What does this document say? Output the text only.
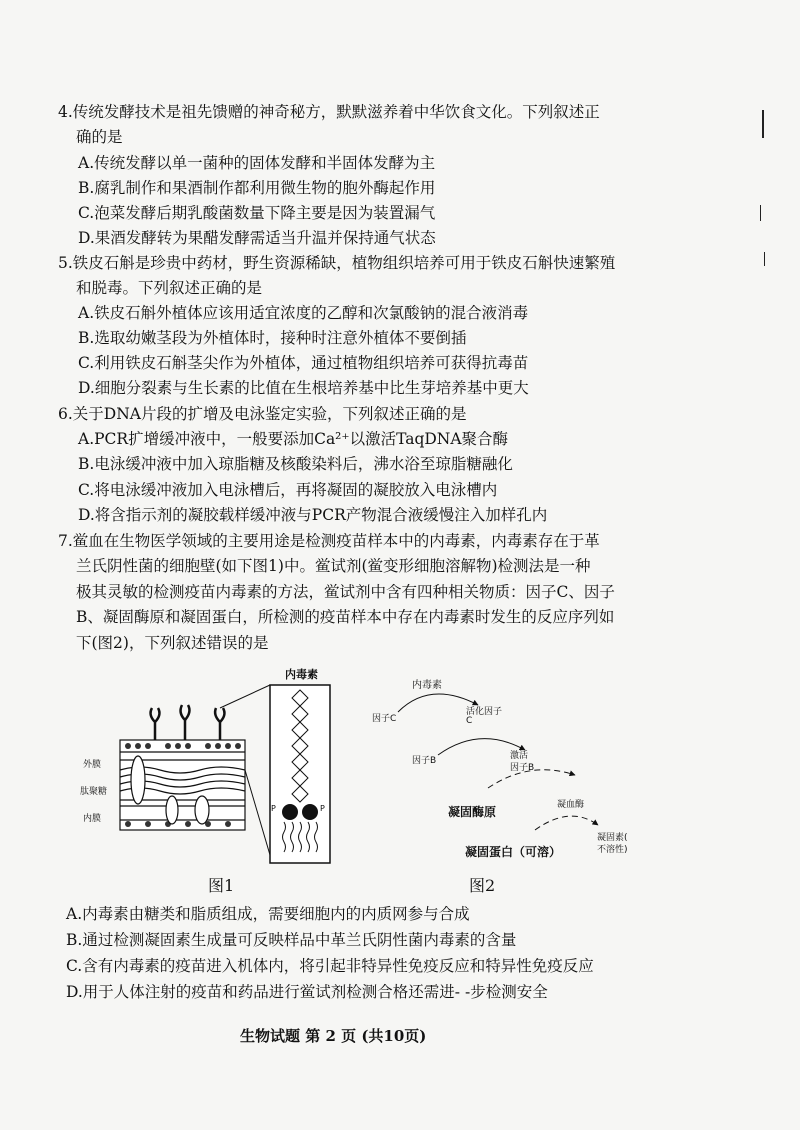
4.传统发酵技术是祖先馈赠的神奇秘方，默默滋养着中华饮食文化。下列叙述正
确的是
A.传统发酵以单一菌种的固体发酵和半固体发酵为主
B.腐乳制作和果酒制作都利用微生物的胞外酶起作用
C.泡菜发酵后期乳酸菌数量下降主要是因为装置漏气
D.果酒发酵转为果醋发酵需适当升温并保持通气状态
5.铁皮石斛是珍贵中药材，野生资源稀缺，植物组织培养可用于铁皮石斛快速繁殖
和脱毒。下列叙述正确的是
A.铁皮石斛外植体应该用适宜浓度的乙醇和次氯酸钠的混合液消毒
B.选取幼嫩茎段为外植体时，接种时注意外植体不要倒插
C.利用铁皮石斛茎尖作为外植体，通过植物组织培养可获得抗毒苗
D.细胞分裂素与生长素的比值在生根培养基中比生芽培养基中更大
6.关于DNA片段的扩增及电泳鉴定实验，下列叙述正确的是
A.PCR扩增缓冲液中，一般要添加Ca²⁺以激活TaqDNA聚合酶
B.电泳缓冲液中加入琼脂糖及核酸染料后，沸水浴至琼脂糖融化
C.将电泳缓冲液加入电泳槽后，再将凝固的凝胶放入电泳槽内
D.将含指示剂的凝胶载样缓冲液与PCR产物混合液缓慢注入加样孔内
7.鲎血在生物医学领域的主要用途是检测疫苗样本中的内毒素，内毒素存在于革
兰氏阴性菌的细胞壁(如下图1)中。鲎试剂(鲎变形细胞溶解物)检测法是一种
极其灵敏的检测疫苗内毒素的方法，鲎试剂中含有四种相关物质：因子C、因子
B、凝固酶原和凝固蛋白，所检测的疫苗样本中存在内毒素时发生的反应序列如
下(图2)，下列叙述错误的是
内毒素
外膜
肽聚糖
内膜
P	P
图1
内毒素
因子C
活化因子
C
因子B	激活
因子B
凝固酶原	凝血酶
凝固蛋白（可溶）
凝固素(
不溶性)
图2
A.内毒素由糖类和脂质组成，需要细胞内的内质网参与合成
B.通过检测凝固素生成量可反映样品中革兰氏阴性菌内毒素的含量
C.含有内毒素的疫苗进入机体内，将引起非特异性免疫反应和特异性免疫反应
D.用于人体注射的疫苗和药品进行鲎试剂检测合格还需进- -步检测安全
生物试题 第 2 页 (共10页)
